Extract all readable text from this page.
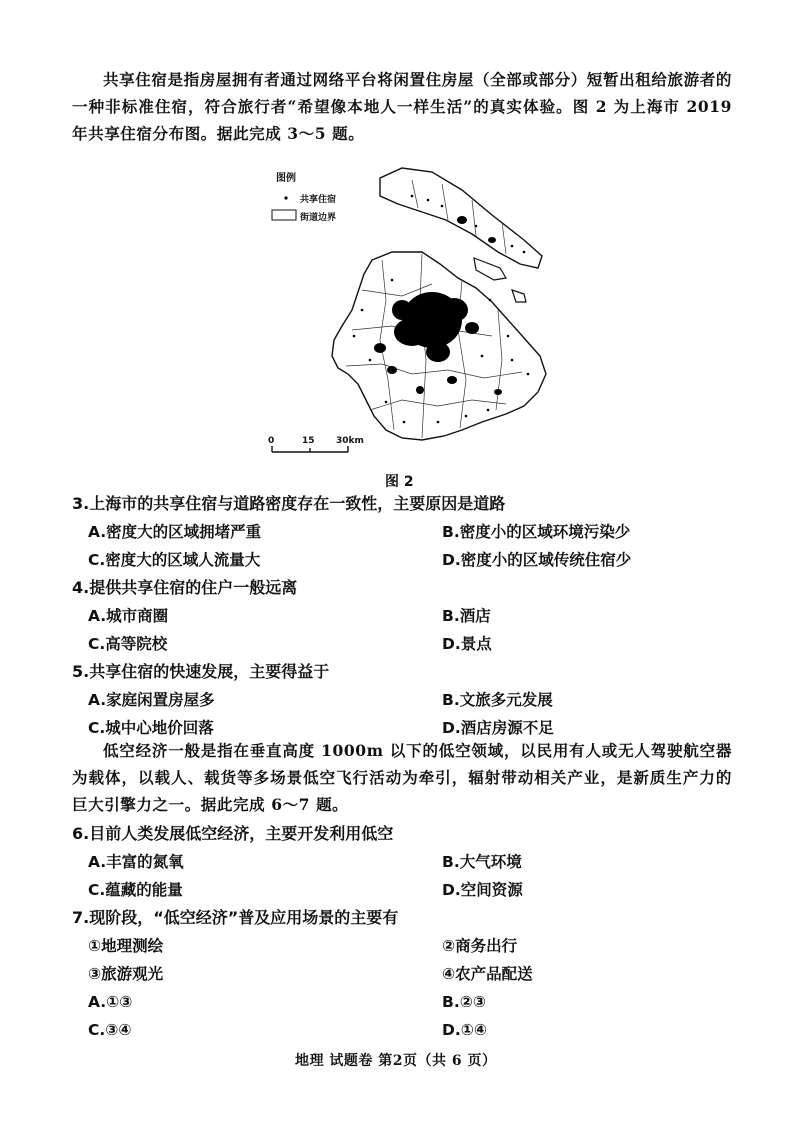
共享住宿是指房屋拥有者通过网络平台将闲置住房屋（全部或部分）短暂出租给旅游者的一种非标准住宿，符合旅行者“希望像本地人一样生活”的真实体验。图 2 为上海市 2019 年共享住宿分布图。据此完成 3～5 题。
图例
共享住宿
街道边界
0	15 30km
图 2
3.上海市的共享住宿与道路密度存在一致性，主要原因是道路
A.密度大的区域拥堵严重	B.密度小的区域环境污染少
C.密度大的区域人流量大	D.密度小的区域传统住宿少
4.提供共享住宿的住户一般远离
A.城市商圈	B.酒店
C.高等院校	D.景点
5.共享住宿的快速发展，主要得益于
A.家庭闲置房屋多	B.文旅多元发展
C.城中心地价回落	D.酒店房源不足
低空经济一般是指在垂直高度 1000m 以下的低空领域，以民用有人或无人驾驶航空器为载体，以载人、载货等多场景低空飞行活动为牵引，辐射带动相关产业，是新质生产力的巨大引擎力之一。据此完成 6～7 题。
6.目前人类发展低空经济，主要开发利用低空
A.丰富的氮氧	B.大气环境
C.蕴藏的能量	D.空间资源
7.现阶段，“低空经济”普及应用场景的主要有
①地理测绘	②商务出行
③旅游观光	④农产品配送
A.①③	B.②③
C.③④	D.①④
地理 试题卷 第2页（共 6 页）
